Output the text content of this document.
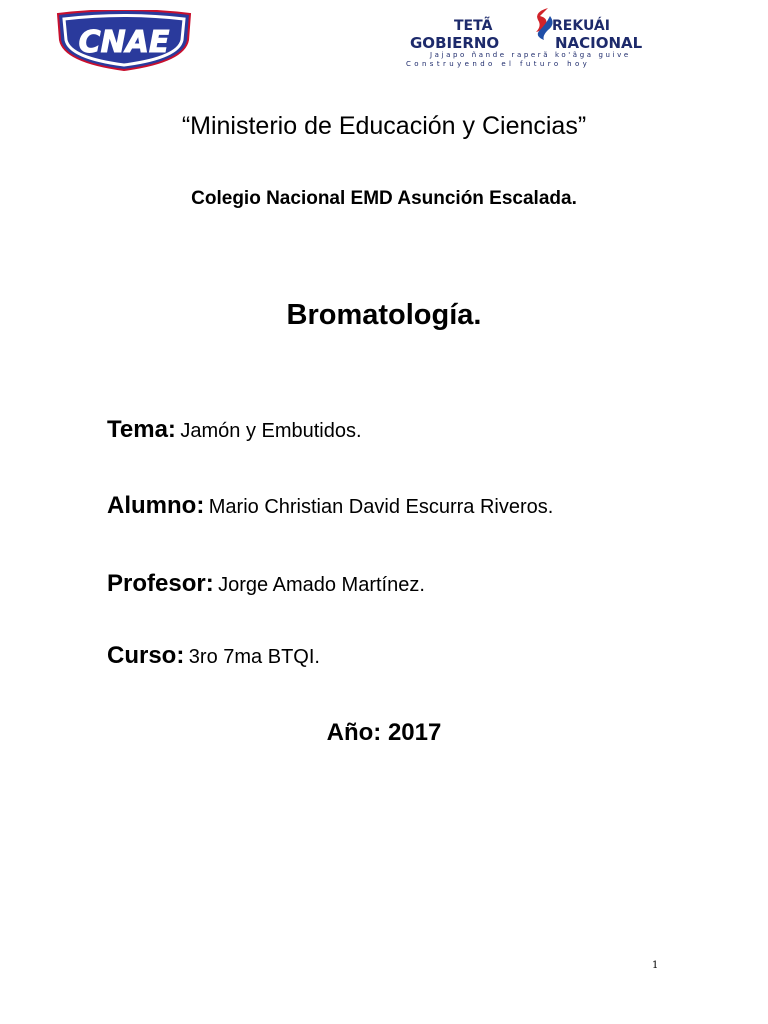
CNAE	TETÃ	REKUÁI
GOBIERNO	NACIONAL
Jajapo ñande raperã ko'ãga guive
Construyendo el futuro hoy
“Ministerio de Educación y Ciencias”
Colegio Nacional EMD Asunción Escalada.
Bromatología.
Tema: Jamón y Embutidos.
Alumno: Mario Christian David Escurra Riveros.
Profesor: Jorge Amado Martínez.
Curso: 3ro 7ma BTQI.
Año: 2017
1
